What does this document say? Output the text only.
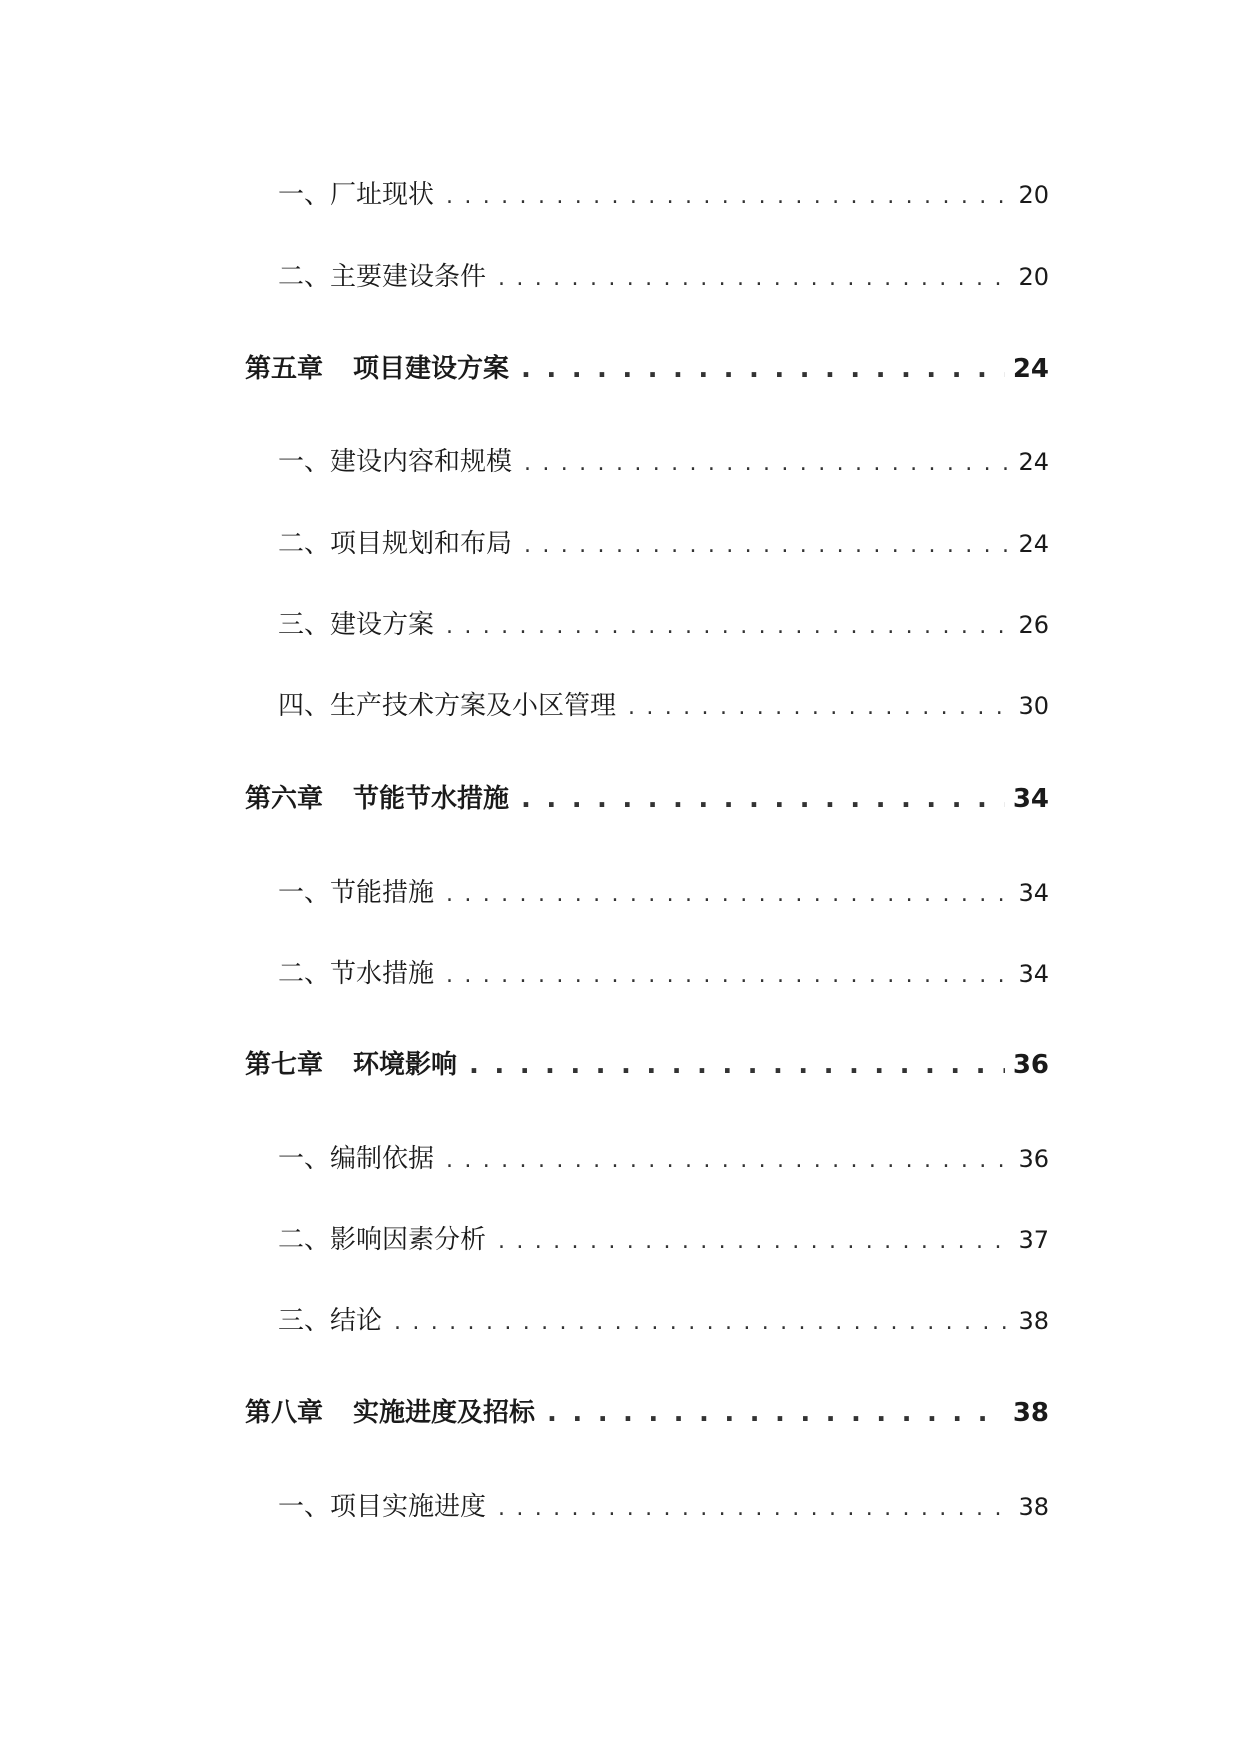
一、厂址现状 . . .	20
二、主要建设条件 . . .	20
第五章 项目建设方案 . . .	24
一、建设内容和规模 . . .	24
二、项目规划和布局 . . .	24
三、建设方案 . . .	26
四、生产技术方案及小区管理 . . .	30
第六章 节能节水措施 . . .	34
一、节能措施 . . .	34
二、节水措施 . . .	34
第七章 环境影响 . . .	36
一、编制依据 . . .	36
二、影响因素分析 . . .	37
三、结论 . . .	38
第八章 实施进度及招标 . . .	38
一、项目实施进度 . . .	38
